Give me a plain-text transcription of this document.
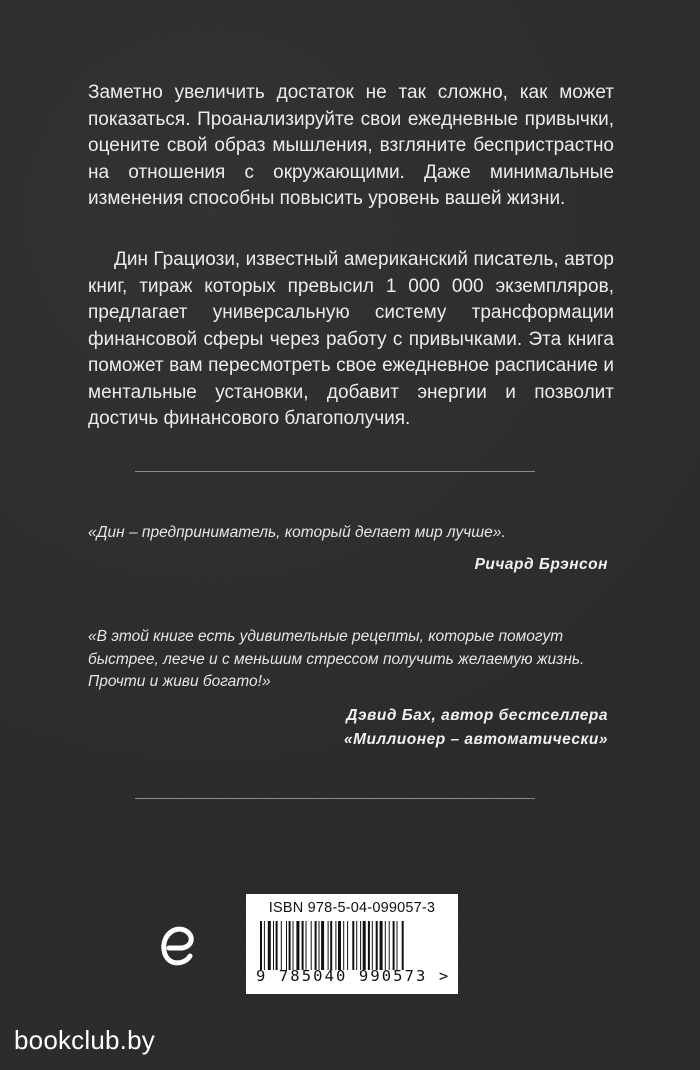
Заметно увеличить достаток не так сложно, как может показаться. Проанализируйте свои ежедневные привычки, оцените свой образ мышления, взгляните беспристрастно на отношения с окружающими. Даже минимальные изменения способны повысить уровень вашей жизни.

Дин Грациози, известный американский писатель, автор книг, тираж которых превысил 1 000 000 экземпляров, предлагает универсальную систему трансформации финансовой сферы через работу с привычками. Эта книга поможет вам пересмотреть свое ежедневное расписание и ментальные установки, добавит энергии и позволит достичь финансового благополучия.

«Дин – предприниматель, который делает мир лучше».

Ричард Брэнсон

«В этой книге есть удивительные рецепты, которые помогут быстрее, легче и с меньшим стрессом получить желаемую жизнь. Прочти и живи богато!»

Дэвид Бах, автор бестселлера
«Миллионер – автоматически»
ISBN 978-5-04-099057-3
9 785040 990573 >
bookclub.by
